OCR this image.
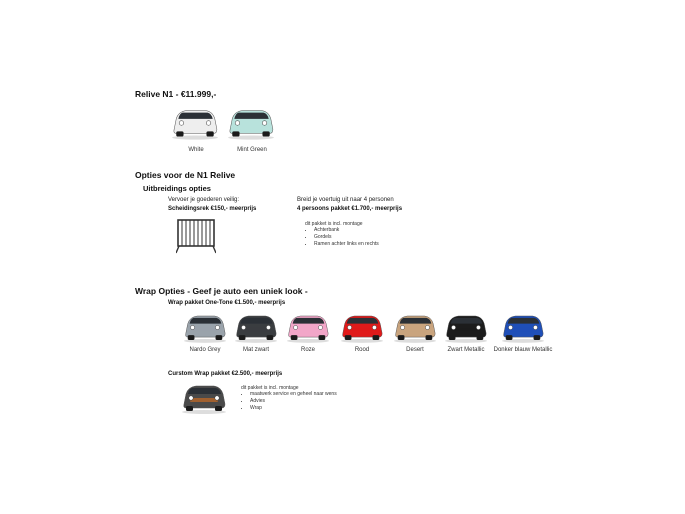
Relive N1 - €11.999,-
White	Mint Green
Opties voor de N1 Relive
Uitbreidings opties
Vervoer je goederen veilig:
Scheidingsrek €150,- meerprijs
Breid je voertuig uit naar 4 personen
4 persoons pakket €1.700,- meerprijs
dit pakket is incl. montage
• Achterbank
• Gordels
• Ramen achter links en rechts
Wrap Opties - Geef je auto een uniek look -
Wrap pakket One-Tone €1.500,- meerprijs
Nardo Grey	Mat zwart	Roze	Rood	Desert	Zwart Metallic	Donker blauw Metallic
Curstom Wrap pakket €2.500,- meerprijs
dit pakket is incl. montage
• maatwerk service en geheel naar wens
• Advies
• Wrap
